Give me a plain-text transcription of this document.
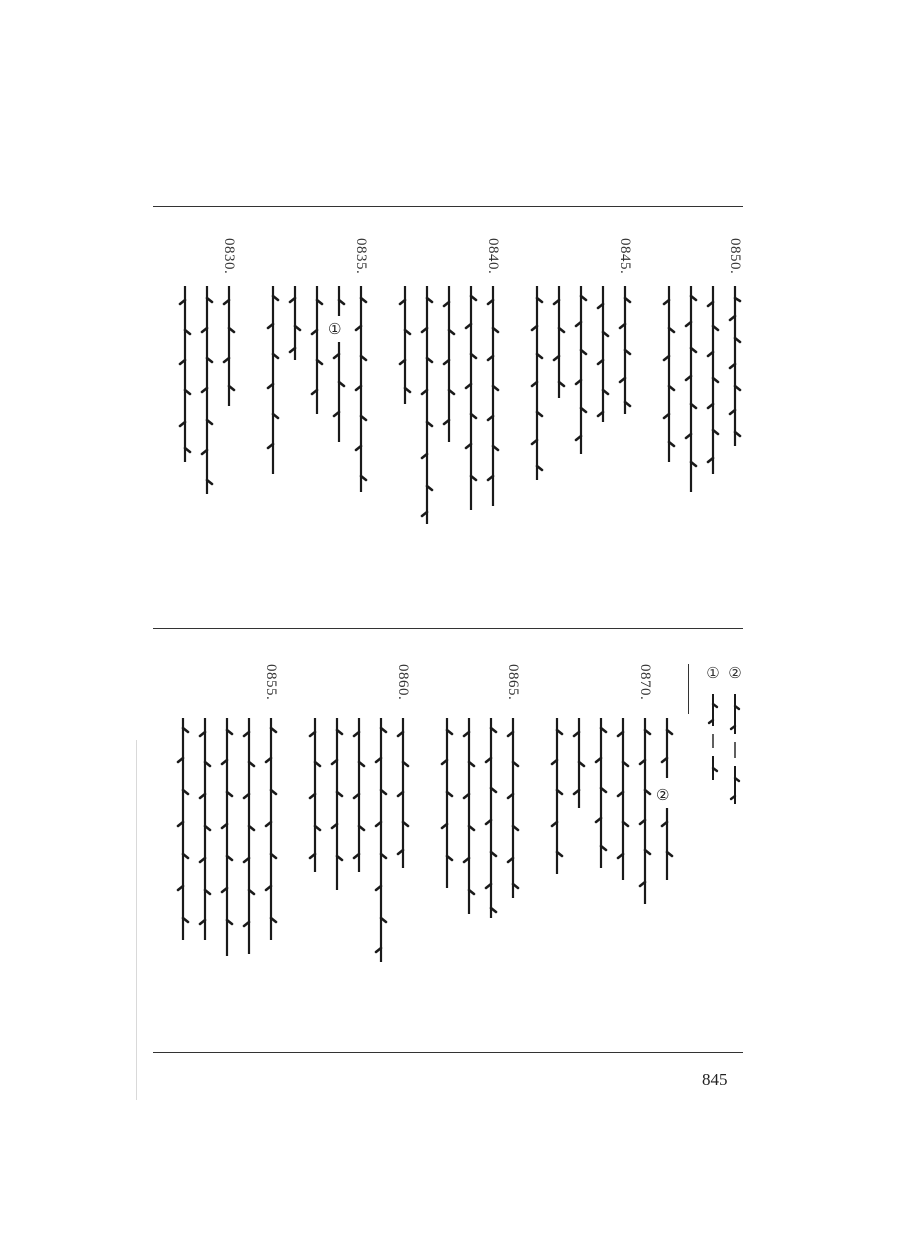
0850.
0845.
0840.
0835.
①
0830.
②
①
②
0870.
0865.
0860.
0855.
845
